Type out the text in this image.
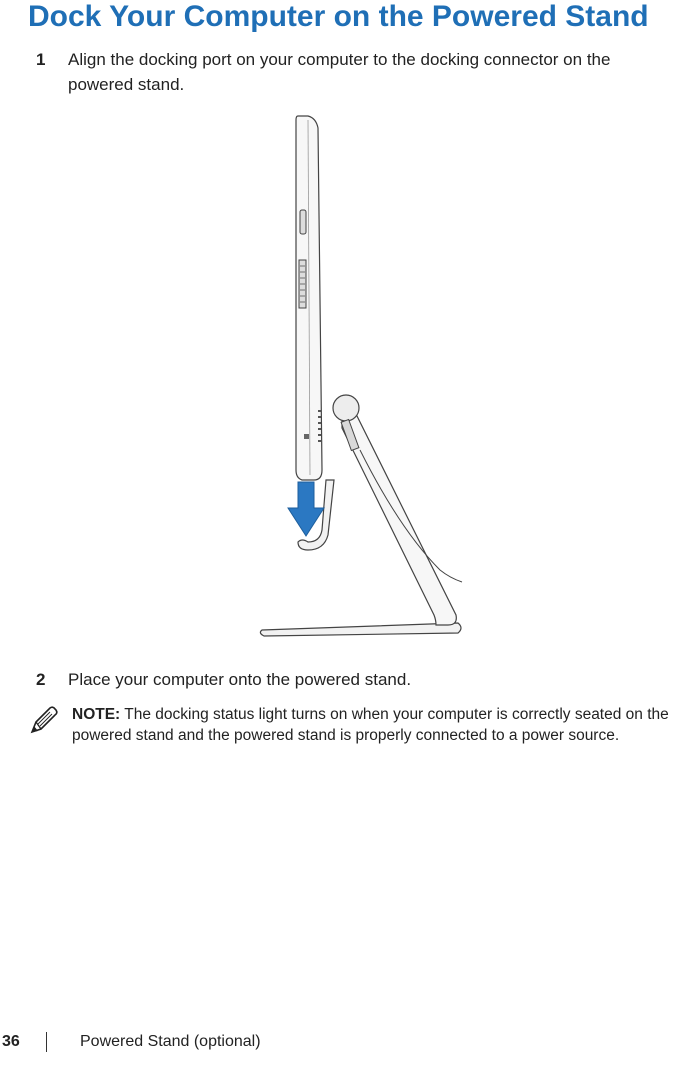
Dock Your Computer on the Powered Stand
1 Align the docking port on your computer to the docking connector on the powered stand.
2 Place your computer onto the powered stand.
NOTE: The docking status light turns on when your computer is correctly seated on the powered stand and the powered stand is properly connected to a power source.
36	Powered Stand (optional)
